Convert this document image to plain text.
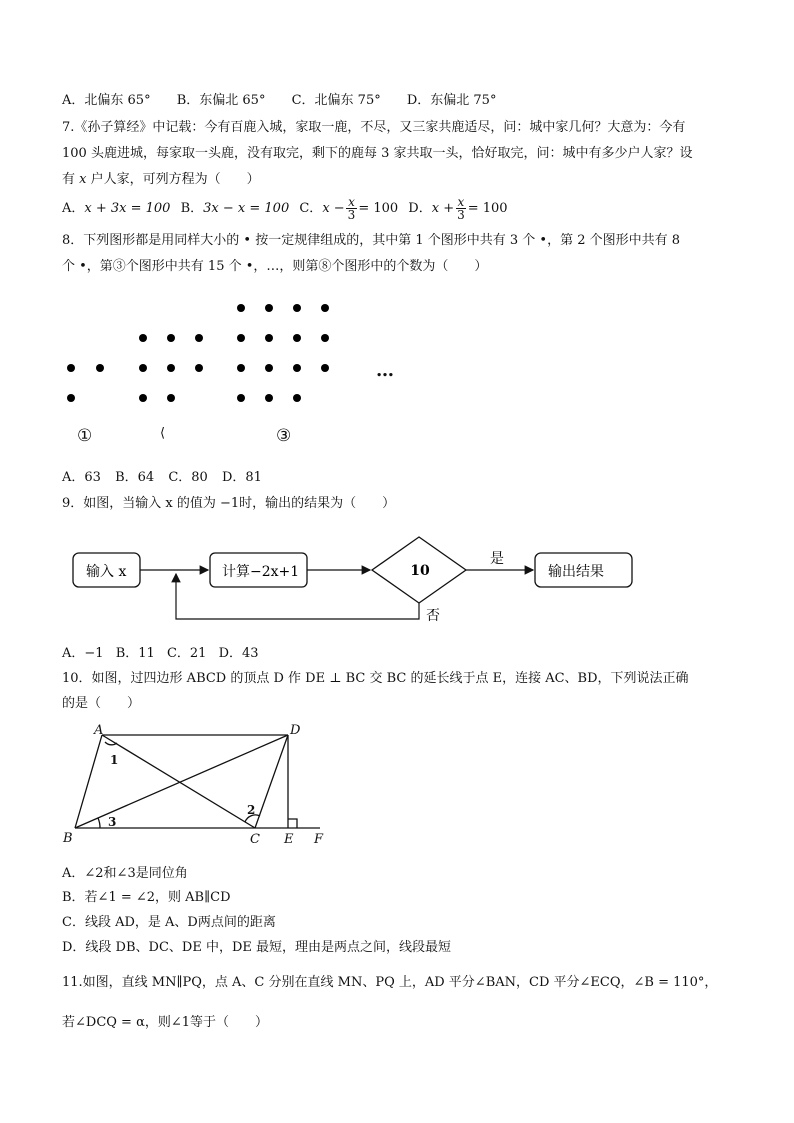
A．北偏东 65° B．东偏北 65° C．北偏东 75° D．东偏北 75°
7.《孙子算经》中记载：今有百鹿入城，家取一鹿，不尽，又三家共鹿适尽，问：城中家几何？大意为：今有
100 头鹿进城，每家取一头鹿，没有取完，剩下的鹿每 3 家共取一头，恰好取完，问：城中有多少户人家？设
有 x 户人家，可列方程为（　　）
A．x + 3x = 100 B．3x − x = 100 C．$x - \frac{x}{3} = 100$ D．$x + \frac{x}{3} = 100$
8．下列图形都是用同样大小的 • 按一定规律组成的，其中第 1 个图形中共有 3 个 •，第 2 个图形中共有 8
个 •，第③个图形中共有 15 个 •，…，则第⑧个图形中的个数为（　　）
…
①	⟨	③
A．63 B．64 C．80 D．81
9．如图，当输入 x 的值为 −1时，输出的结果为（　　）
输入 x	计算−2x+1	10
是
输出结果
否
A．−1 B．11 C．21 D．43
10．如图，过四边形 ABCD 的顶点 D 作 DE ⊥ BC 交 BC 的延长线于点 E，连接 AC、BD，下列说法正确
的是（　　）
A
B	C
D
E F
1
2
3
A．∠2和∠3是同位角
B．若∠1 = ∠2，则 AB∥CD
C．线段 AD，是 A、D两点间的距离
D．线段 DB、DC、DE 中，DE 最短，理由是两点之间，线段最短
11.如图，直线 MN∥PQ，点 A、C 分别在直线 MN、PQ 上，AD 平分∠BAN，CD 平分∠ECQ，∠B = 110°，
若∠DCQ = α，则∠1等于（　　）
